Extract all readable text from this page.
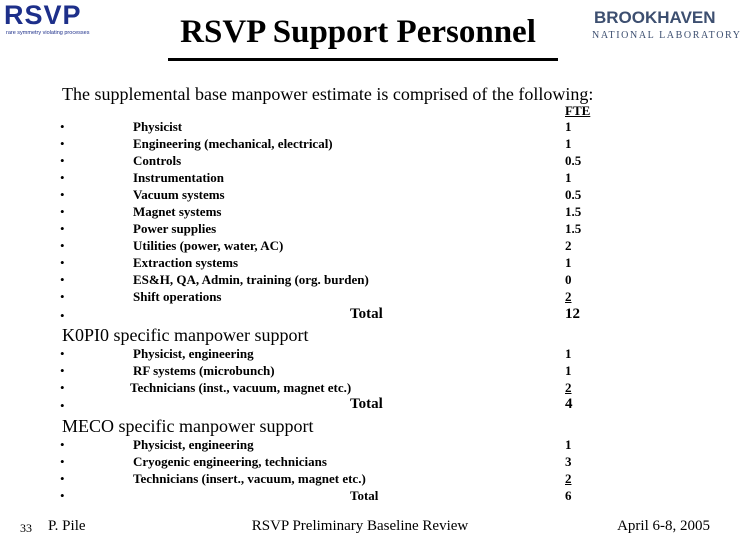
RSVP
rare symmetry violating processes	RSVP Support Personnel	BROOKHAVEN
NATIONAL LABORATORY
The supplemental base manpower estimate is comprised of the following:
FTE
•	Physicist	1
•	Engineering (mechanical, electrical)	1
•	Controls	0.5
•	Instrumentation	1
•	Vacuum systems	0.5
•	Magnet systems	1.5
•	Power supplies	1.5
•	Utilities (power, water, AC)	2
•	Extraction systems	1
•	ES&H, QA, Admin, training (org. burden)	0
•	Shift operations	2
•	Total	12
K0PI0 specific manpower support
•	Physicist, engineering	1
•	RF systems (microbunch)	1
•	Technicians (inst., vacuum, magnet etc.)	2
•	Total	4
MECO specific manpower support
•	Physicist, engineering	1
•	Cryogenic engineering, technicians	3
•	Technicians (insert., vacuum, magnet etc.)	2
•	Total	6
33 P. Pile	RSVP Preliminary Baseline Review	April 6-8, 2005
